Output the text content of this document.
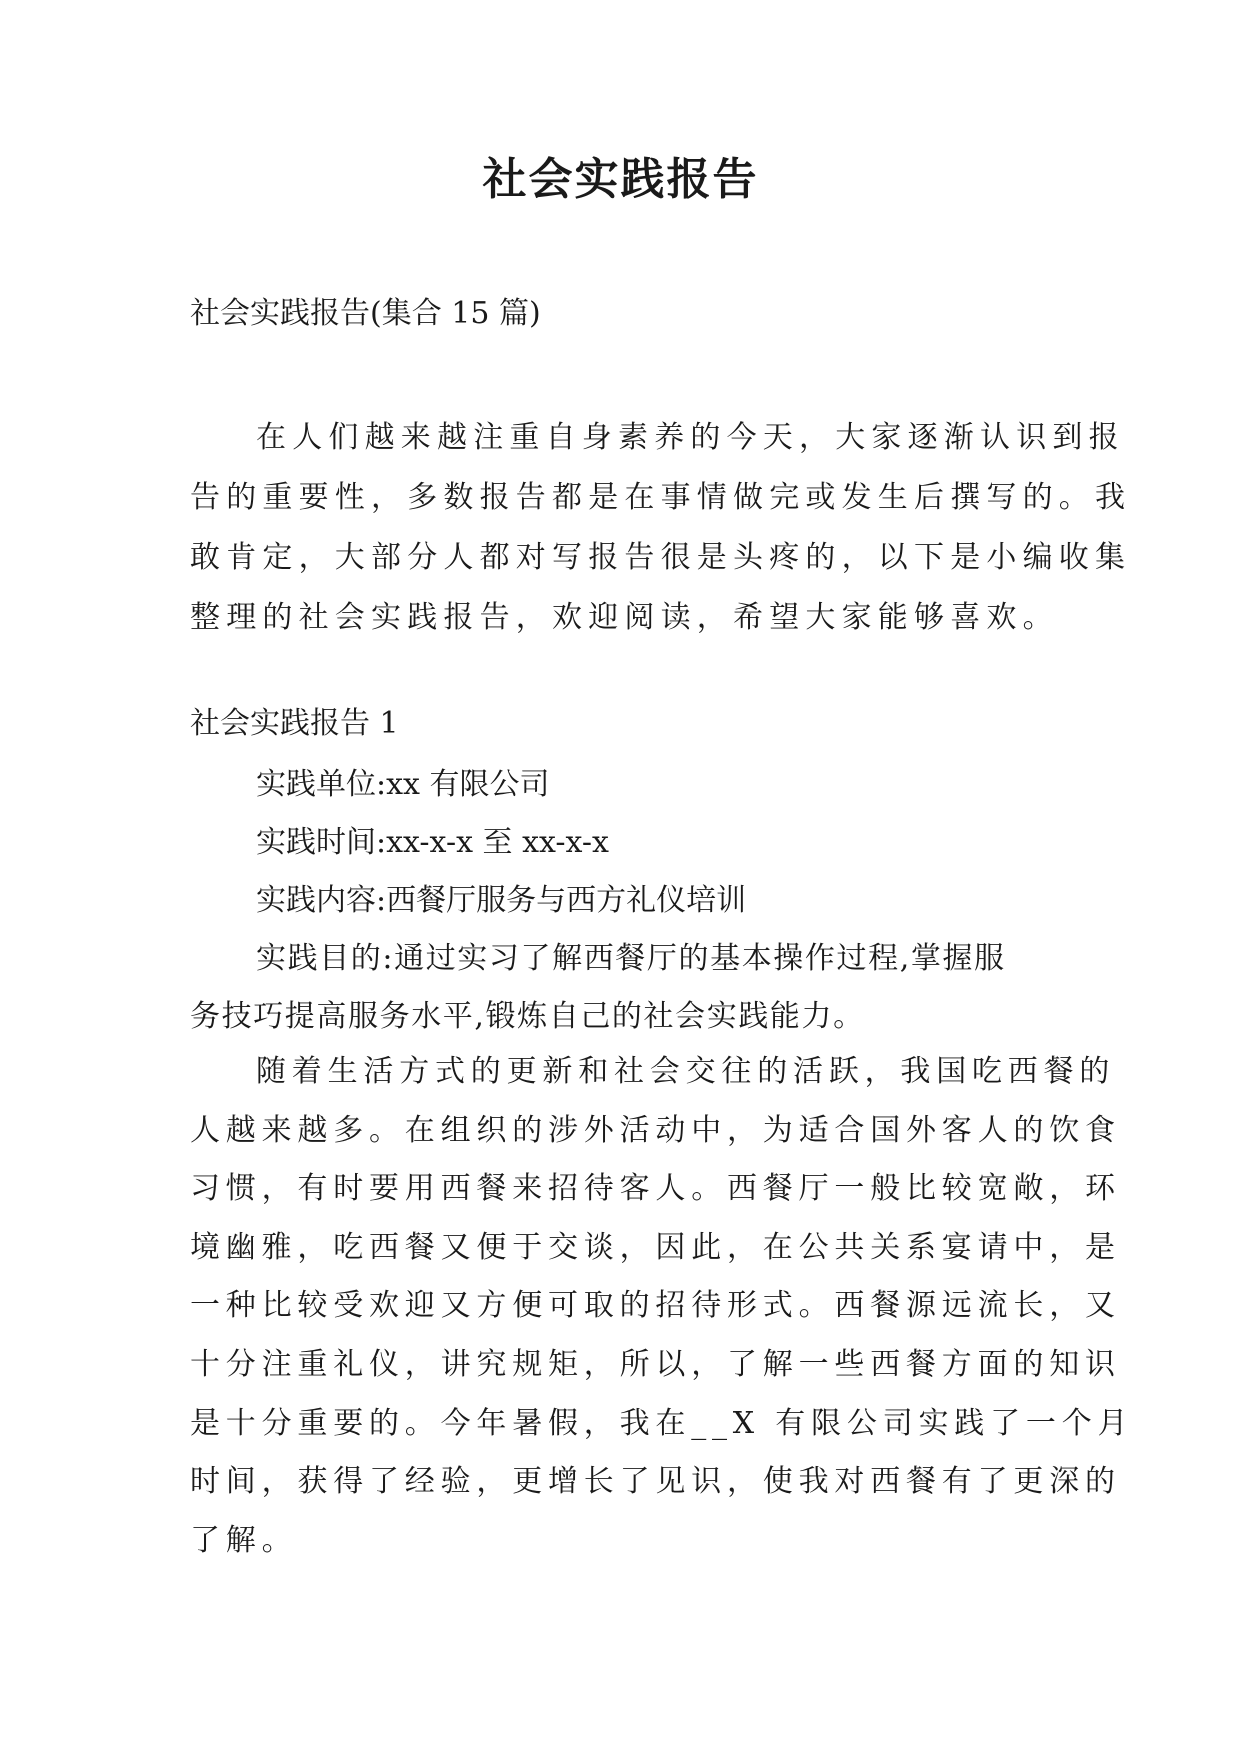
社会实践报告
社会实践报告(集合 15 篇)
在人们越来越注重自身素养的今天，大家逐渐认识到报
告的重要性，多数报告都是在事情做完或发生后撰写的。我
敢肯定，大部分人都对写报告很是头疼的，以下是小编收集
整理的社会实践报告，欢迎阅读，希望大家能够喜欢。
社会实践报告 1
实践单位:xx 有限公司
实践时间:xx-x-x 至 xx-x-x
实践内容:西餐厅服务与西方礼仪培训
实践目的:通过实习了解西餐厅的基本操作过程,掌握服
务技巧提高服务水平,锻炼自己的社会实践能力。
随着生活方式的更新和社会交往的活跃，我国吃西餐的
人越来越多。在组织的涉外活动中，为适合国外客人的饮食
习惯，有时要用西餐来招待客人。西餐厅一般比较宽敞，环
境幽雅，吃西餐又便于交谈，因此，在公共关系宴请中，是
一种比较受欢迎又方便可取的招待形式。西餐源远流长，又
十分注重礼仪，讲究规矩，所以，了解一些西餐方面的知识
是十分重要的。今年暑假，我在__X 有限公司实践了一个月
时间，获得了经验，更增长了见识，使我对西餐有了更深的
了解。
